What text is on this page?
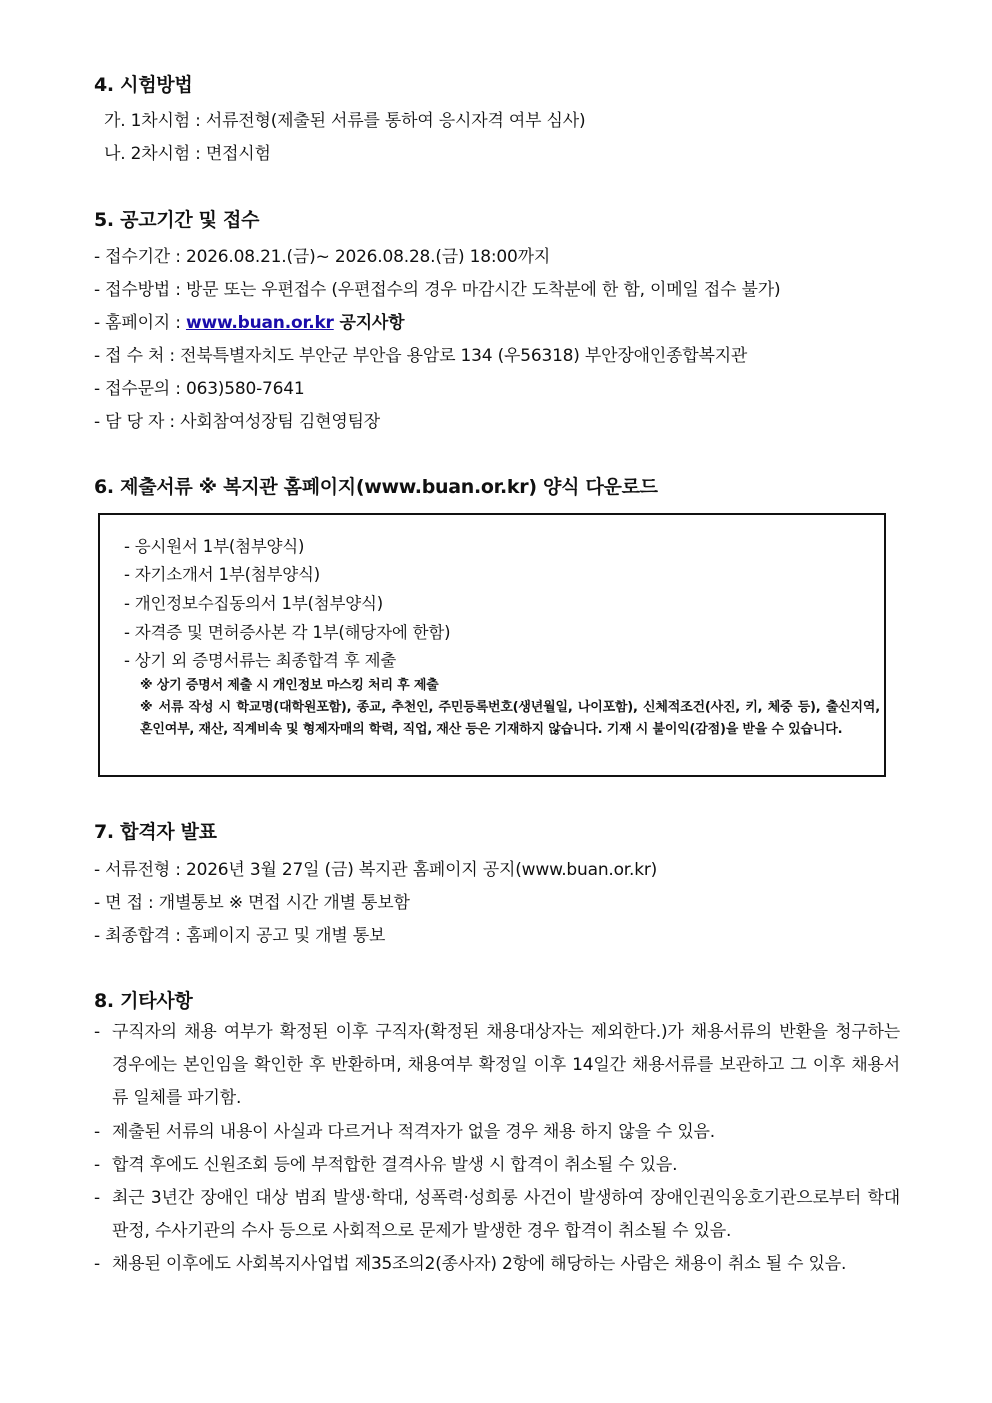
4. 시험방법
가. 1차시험 : 서류전형(제출된 서류를 통하여 응시자격 여부 심사)
나. 2차시험 : 면접시험
5. 공고기간 및 접수
- 접수기간 : 2026.08.21.(금)~ 2026.08.28.(금) 18:00까지
- 접수방법 : 방문 또는 우편접수 (우편접수의 경우 마감시간 도착분에 한 함, 이메일 접수 불가)
- 홈페이지 : www.buan.or.kr 공지사항
- 접 수 처 : 전북특별자치도 부안군 부안읍 용암로 134 (우56318) 부안장애인종합복지관
- 접수문의 : 063)580-7641
- 담 당 자 : 사회참여성장팀 김현영팀장
6. 제출서류 ※ 복지관 홈페이지(www.buan.or.kr) 양식 다운로드
- 응시원서 1부(첨부양식)
- 자기소개서 1부(첨부양식)
- 개인정보수집동의서 1부(첨부양식)
- 자격증 및 면허증사본 각 1부(해당자에 한함)
- 상기 외 증명서류는 최종합격 후 제출
※ 상기 증명서 제출 시 개인정보 마스킹 처리 후 제출
※ 서류 작성 시 학교명(대학원포함), 종교, 추천인, 주민등록번호(생년월일, 나이포함), 신체적조건(사진, 키, 체중 등), 출신지역, 혼인여부, 재산, 직계비속 및 형제자매의 학력, 직업, 재산 등은 기재하지 않습니다. 기재 시 불이익(감점)을 받을 수 있습니다.
7. 합격자 발표
- 서류전형 : 2026년 3월 27일 (금) 복지관 홈페이지 공지(www.buan.or.kr)
- 면 접 : 개별통보 ※ 면접 시간 개별 통보함
- 최종합격 : 홈페이지 공고 및 개별 통보
8. 기타사항
- 구직자의 채용 여부가 확정된 이후 구직자(확정된 채용대상자는 제외한다.)가 채용서류의 반환을 청구하는 경우에는 본인임을 확인한 후 반환하며, 채용여부 확정일 이후 14일간 채용서류를 보관하고 그 이후 채용서류 일체를 파기함.
- 제출된 서류의 내용이 사실과 다르거나 적격자가 없을 경우 채용 하지 않을 수 있음.
- 합격 후에도 신원조회 등에 부적합한 결격사유 발생 시 합격이 취소될 수 있음.
- 최근 3년간 장애인 대상 범죄 발생·학대, 성폭력·성희롱 사건이 발생하여 장애인권익옹호기관으로부터 학대판정, 수사기관의 수사 등으로 사회적으로 문제가 발생한 경우 합격이 취소될 수 있음.
- 채용된 이후에도 사회복지사업법 제35조의2(종사자) 2항에 해당하는 사람은 채용이 취소 될 수 있음.
